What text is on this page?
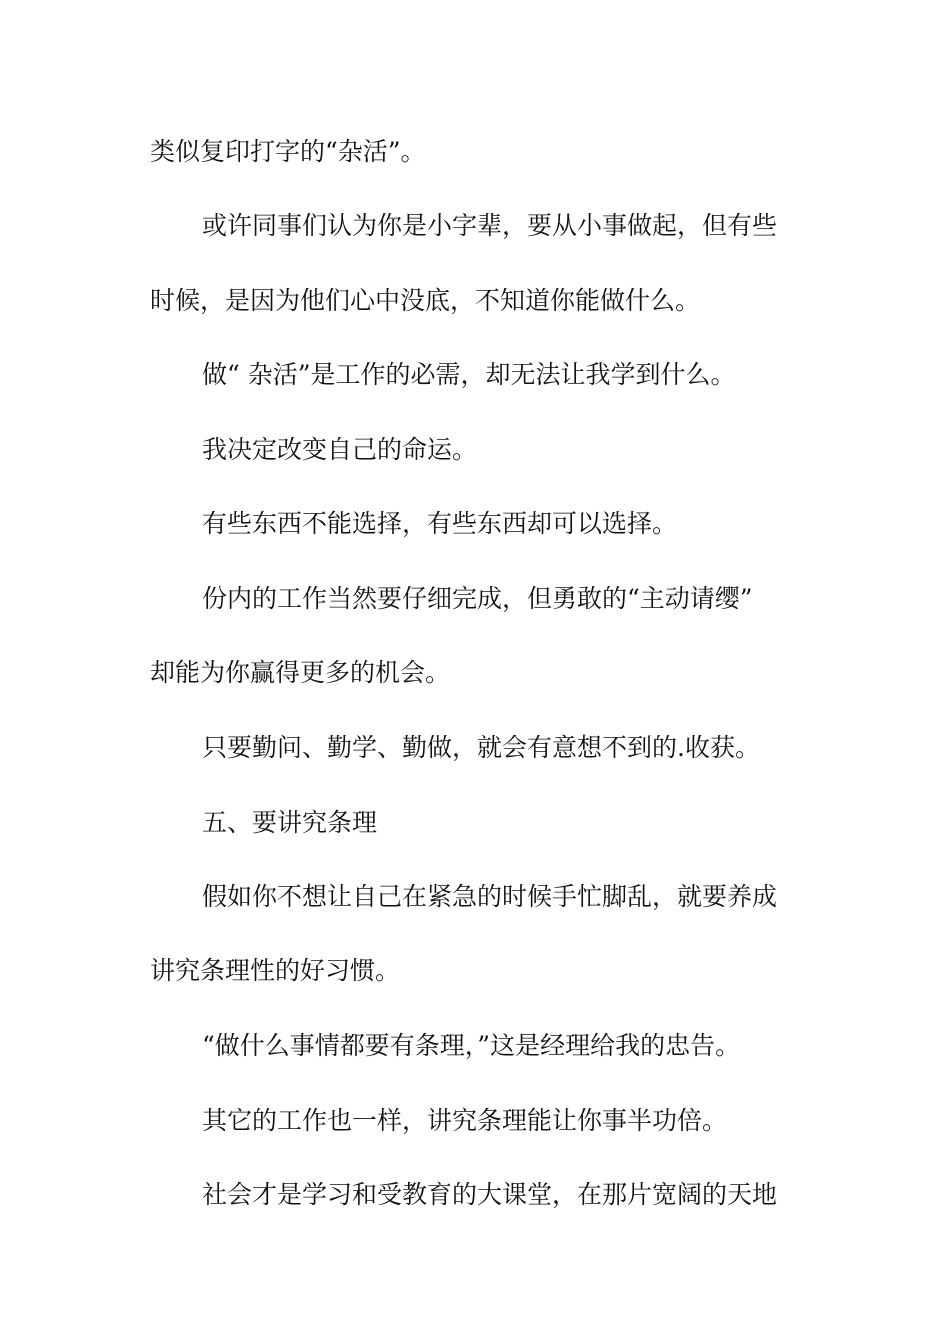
类似复印打字的“杂活”。
或许同事们认为你是小字辈，要从小事做起，但有些
时候，是因为他们心中没底，不知道你能做什么。
做“ 杂活”是工作的必需，却无法让我学到什么。
我决定改变自己的命运。
有些东西不能选择，有些东西却可以选择。
份内的工作当然要仔细完成，但勇敢的“主动请缨”
却能为你赢得更多的机会。
只要勤问、勤学、勤做，就会有意想不到的.收获。
五、要讲究条理
假如你不想让自己在紧急的时候手忙脚乱，就要养成
讲究条理性的好习惯。
“做什么事情都要有条理，”这是经理给我的忠告。
其它的工作也一样，讲究条理能让你事半功倍。
社会才是学习和受教育的大课堂，在那片宽阔的天地
